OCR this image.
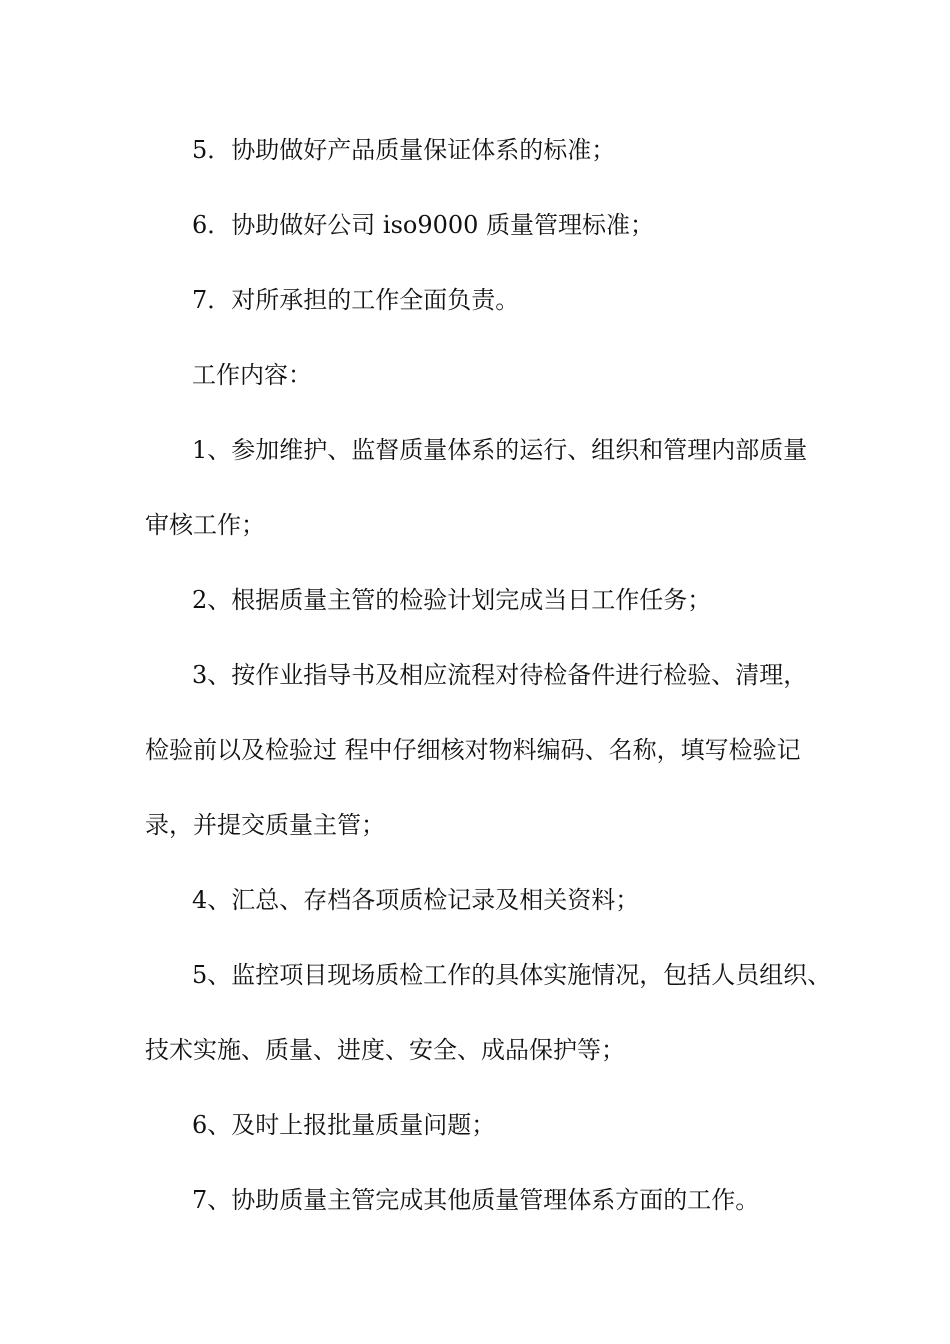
5．协助做好产品质量保证体系的标准；
6．协助做好公司 iso9000 质量管理标准；
7．对所承担的工作全面负责。
工作内容：
1、参加维护、监督质量体系的运行、组织和管理内部质量
审核工作；
2、根据质量主管的检验计划完成当日工作任务；
3、按作业指导书及相应流程对待检备件进行检验、清理，
检验前以及检验过 程中仔细核对物料编码、名称，填写检验记
录，并提交质量主管；
4、汇总、存档各项质检记录及相关资料；
5、监控项目现场质检工作的具体实施情况，包括人员组织、
技术实施、质量、进度、安全、成品保护等；
6、及时上报批量质量问题；
7、协助质量主管完成其他质量管理体系方面的工作。
